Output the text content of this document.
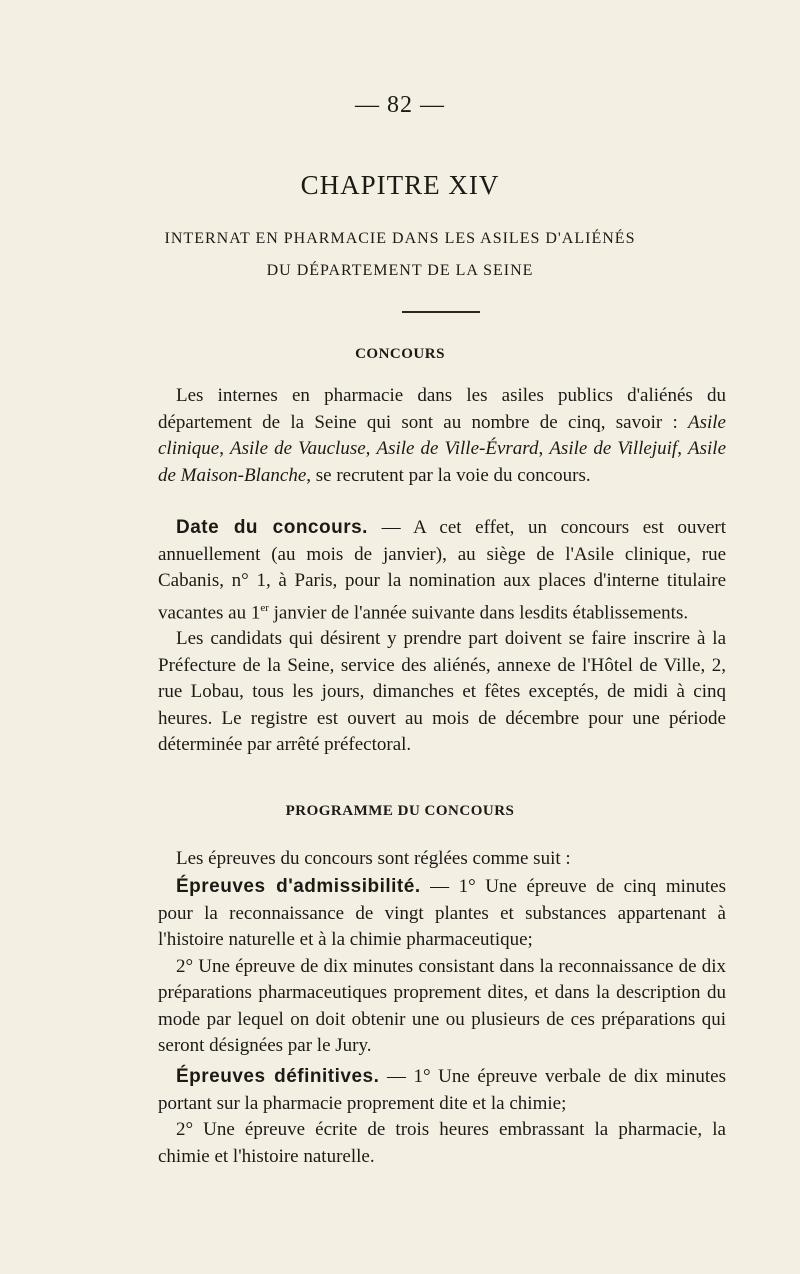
— 82 —
CHAPITRE XIV
INTERNAT EN PHARMACIE DANS LES ASILES D'ALIÉNÉS
DU DÉPARTEMENT DE LA SEINE
CONCOURS

Les internes en pharmacie dans les asiles publics d'aliénés du département de la Seine qui sont au nombre de cinq, savoir : Asile clinique, Asile de Vaucluse, Asile de Ville-Évrard, Asile de Villejuif, Asile de Maison-Blanche, se recrutent par la voie du concours.

Date du concours. — A cet effet, un concours est ouvert annuellement (au mois de janvier), au siège de l'Asile clinique, rue Cabanis, n° 1, à Paris, pour la nomination aux places d'interne titulaire vacantes au 1er janvier de l'année suivante dans lesdits établissements.

Les candidats qui désirent y prendre part doivent se faire inscrire à la Préfecture de la Seine, service des aliénés, annexe de l'Hôtel de Ville, 2, rue Lobau, tous les jours, dimanches et fêtes exceptés, de midi à cinq heures. Le registre est ouvert au mois de décembre pour une période déterminée par arrêté préfectoral.

PROGRAMME DU CONCOURS

Les épreuves du concours sont réglées comme suit :

Épreuves d'admissibilité. — 1° Une épreuve de cinq minutes pour la reconnaissance de vingt plantes et substances appartenant à l'histoire naturelle et à la chimie pharmaceutique;

2° Une épreuve de dix minutes consistant dans la reconnaissance de dix préparations pharmaceutiques proprement dites, et dans la description du mode par lequel on doit obtenir une ou plusieurs de ces préparations qui seront désignées par le Jury.

Épreuves définitives. — 1° Une épreuve verbale de dix minutes portant sur la pharmacie proprement dite et la chimie;

2° Une épreuve écrite de trois heures embrassant la pharmacie, la chimie et l'histoire naturelle.
